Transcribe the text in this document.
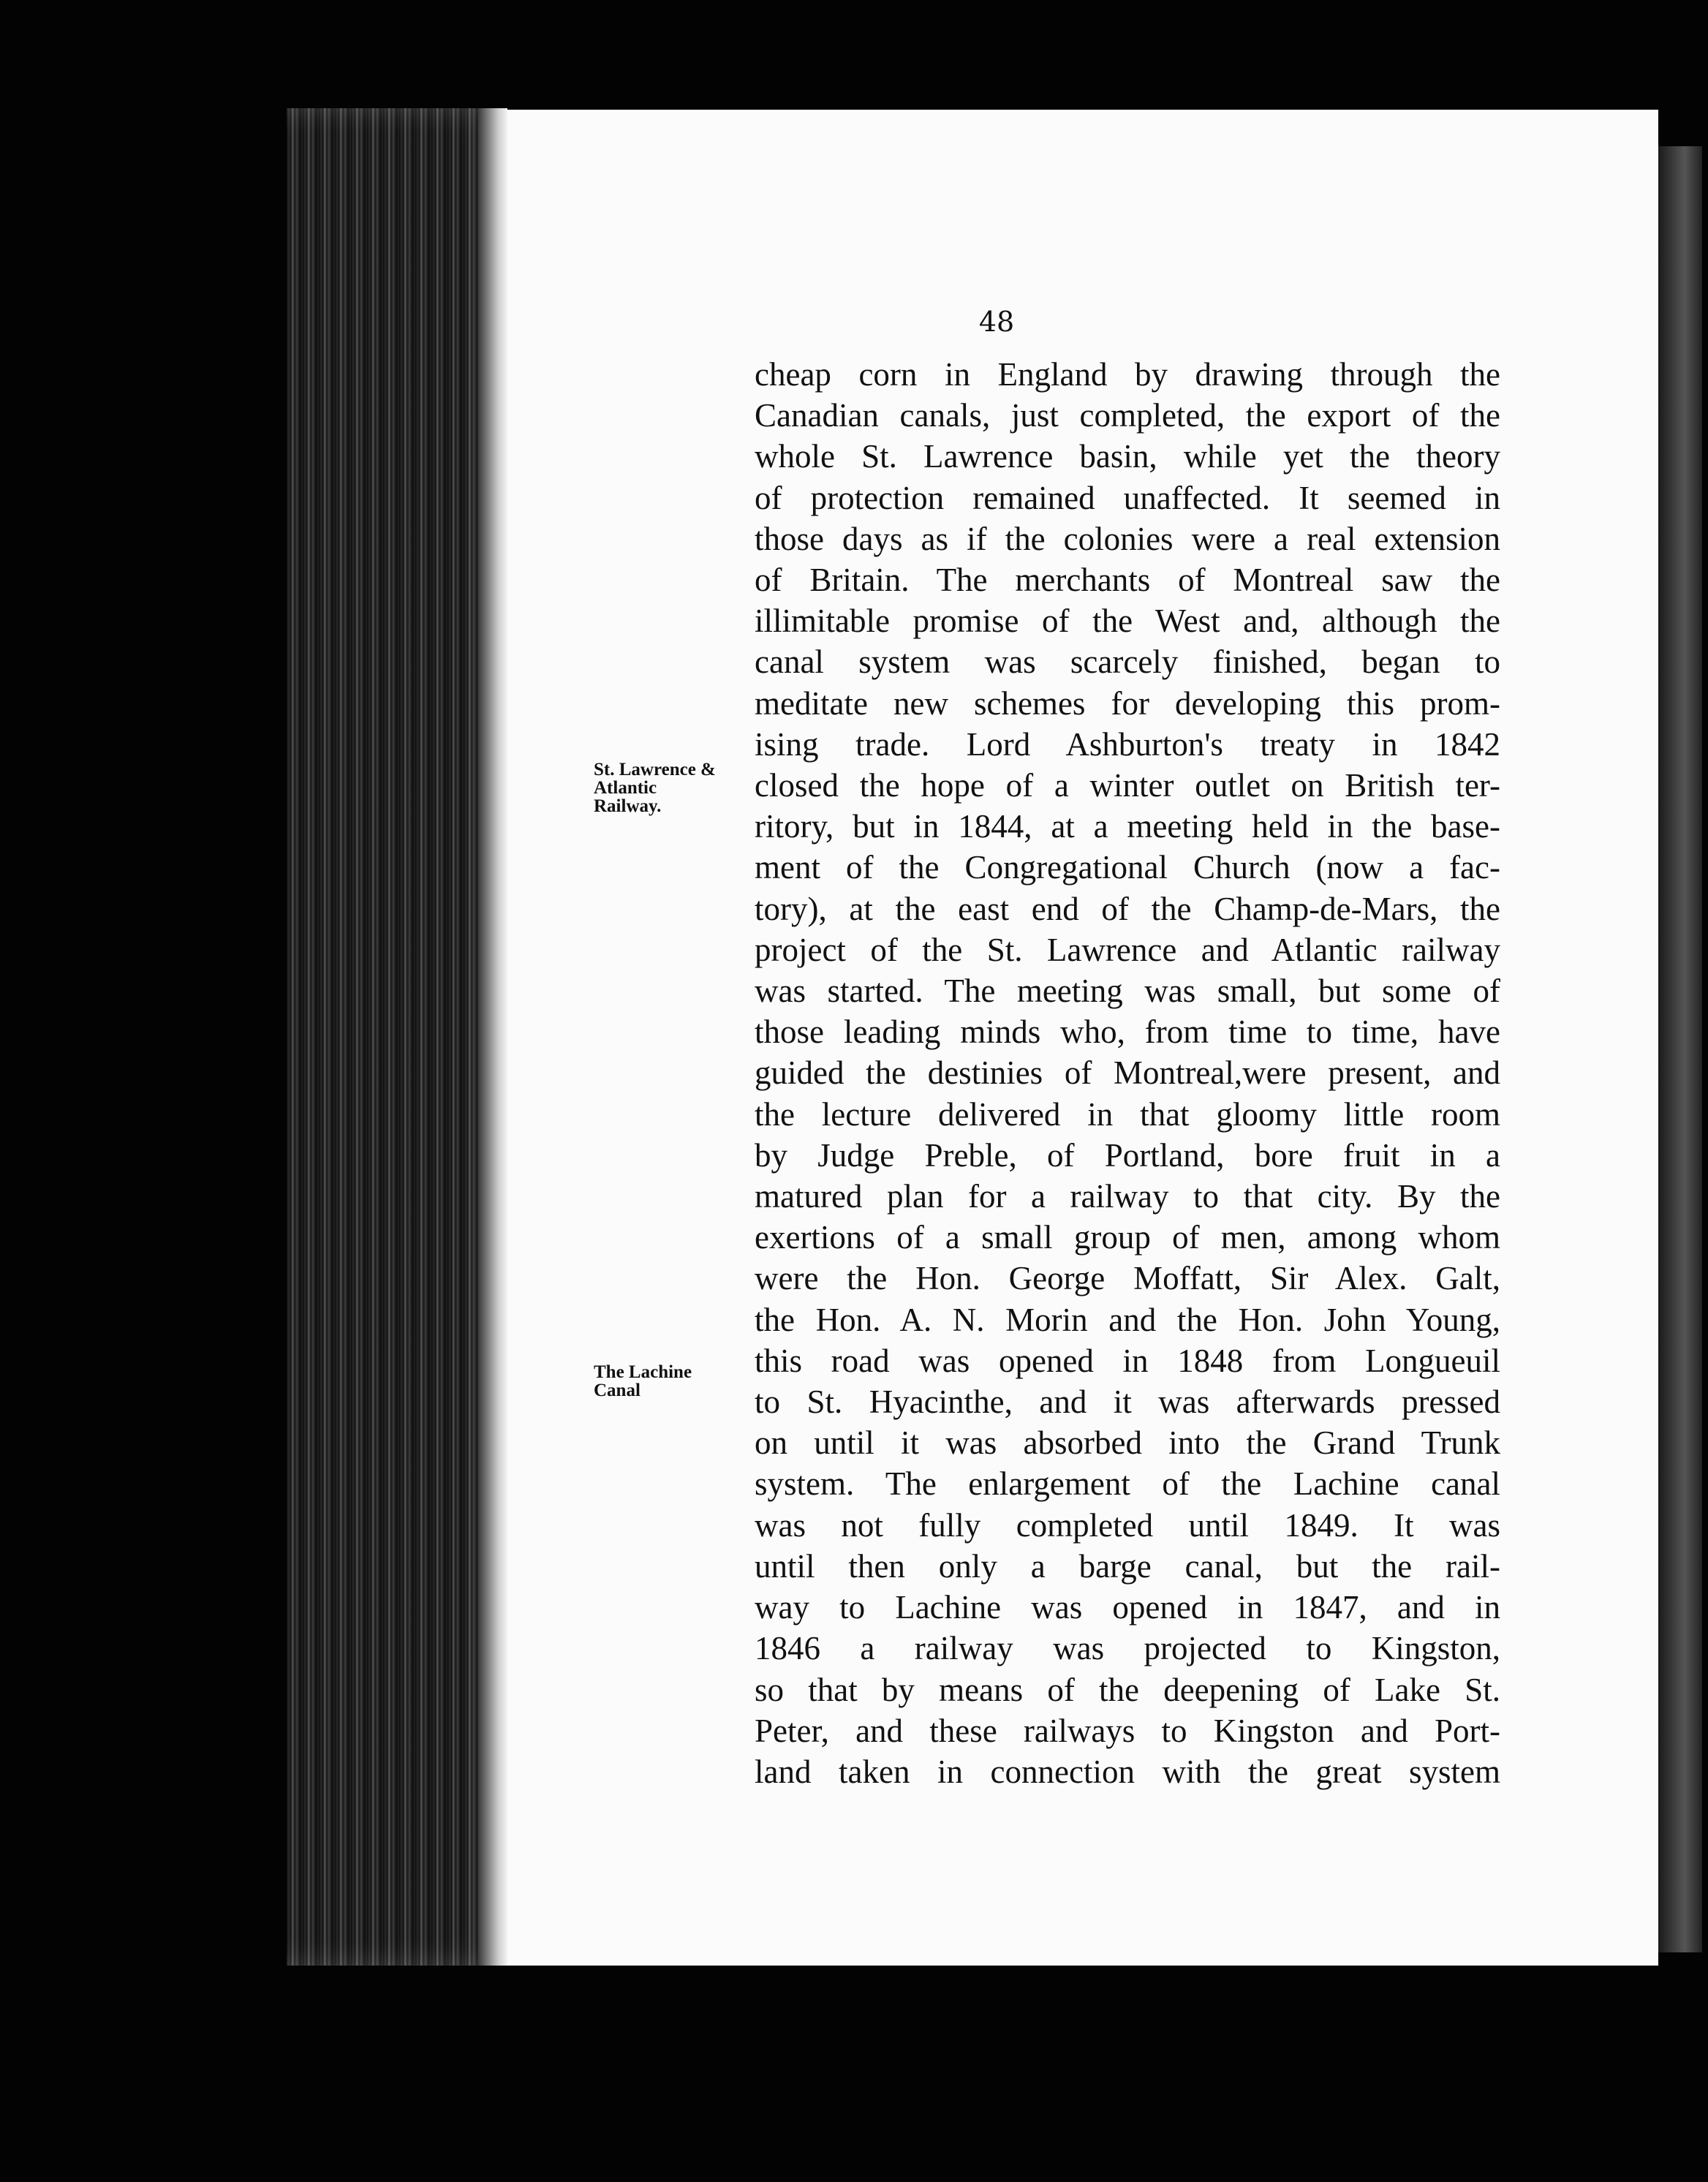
48
St. Lawrence &
Atlantic
Railway.
The Lachine
Canal
cheap corn in England by drawing through the
Canadian canals, just completed, the export of the
whole St. Lawrence basin, while yet the theory
of protection remained unaffected. It seemed in
those days as if the colonies were a real extension
of Britain. The merchants of Montreal saw the
illimitable promise of the West and, although the
canal system was scarcely finished, began to
meditate new schemes for developing this prom-
ising trade. Lord Ashburton's treaty in 1842
closed the hope of a winter outlet on British ter-
ritory, but in 1844, at a meeting held in the base-
ment of the Congregational Church (now a fac-
tory), at the east end of the Champ-de-Mars, the
project of the St. Lawrence and Atlantic railway
was started. The meeting was small, but some of
those leading minds who, from time to time, have
guided the destinies of Montreal,were present, and
the lecture delivered in that gloomy little room
by Judge Preble, of Portland, bore fruit in a
matured plan for a railway to that city. By the
exertions of a small group of men, among whom
were the Hon. George Moffatt, Sir Alex. Galt,
the Hon. A. N. Morin and the Hon. John Young,
this road was opened in 1848 from Longueuil
to St. Hyacinthe, and it was afterwards pressed
on until it was absorbed into the Grand Trunk
system. The enlargement of the Lachine canal
was not fully completed until 1849. It was
until then only a barge canal, but the rail-
way to Lachine was opened in 1847, and in
1846 a railway was projected to Kingston,
so that by means of the deepening of Lake St.
Peter, and these railways to Kingston and Port-
land taken in connection with the great system
